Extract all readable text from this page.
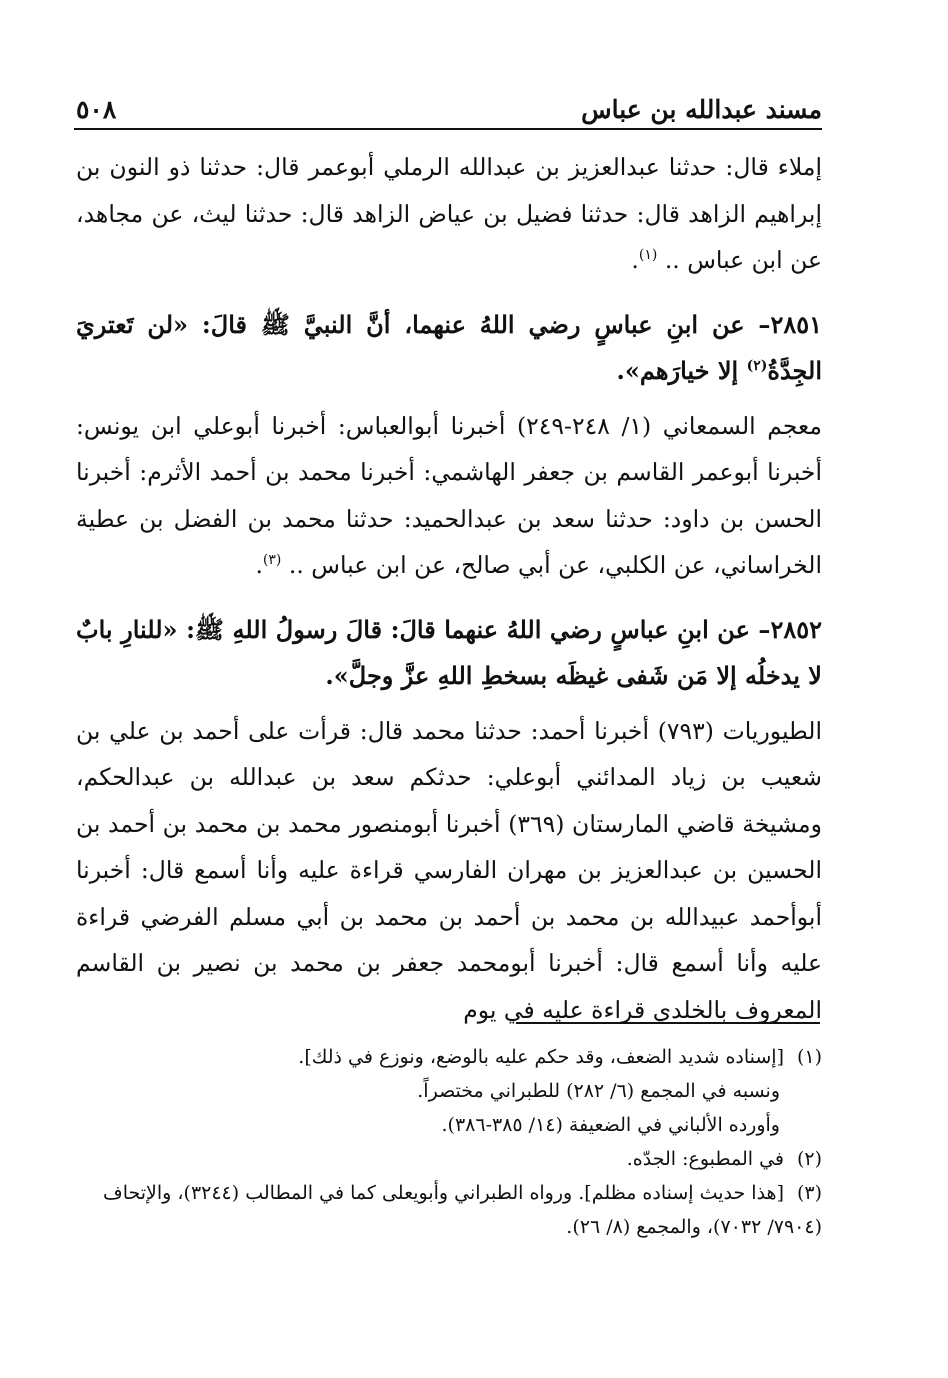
مسند عبدالله بن عباس
٥٠٨

إملاء قال: حدثنا عبدالعزيز بن عبدالله الرملي أبوعمر قال: حدثنا ذو النون بن إبراهيم الزاهد قال: حدثنا فضيل بن عياض الزاهد قال: حدثنا ليث، عن مجاهد، عن ابن عباس .. $^{(١)}$.

٢٨٥١– عن ابنِ عباسٍ رضي اللهُ عنهما، أنَّ النبيَّ ﷺ قالَ: «لن تَعتريَ الجِدَّةُ$^{(٢)}$ إلا خيارَهم».

معجم السمعاني (١/ ٢٤٨-٢٤٩) أخبرنا أبوالعباس: أخبرنا أبوعلي ابن يونس: أخبرنا أبوعمر القاسم بن جعفر الهاشمي: أخبرنا محمد بن أحمد الأثرم: أخبرنا الحسن بن داود: حدثنا سعد بن عبدالحميد: حدثنا محمد بن الفضل بن عطية الخراساني، عن الكلبي، عن أبي صالح، عن ابن عباس .. $^{(٣)}$.

٢٨٥٢– عن ابنِ عباسٍ رضي اللهُ عنهما قالَ: قالَ رسولُ اللهِ ﷺ: «للنارِ بابٌ لا يدخلُه إلا مَن شَفى غيظَه بسخطِ اللهِ عزَّ وجلَّ».

الطيوريات (٧٩٣) أخبرنا أحمد: حدثنا محمد قال: قرأت على أحمد بن علي بن شعيب بن زياد المدائني أبوعلي: حدثكم سعد بن عبدالله بن عبدالحكم، ومشيخة قاضي المارستان (٣٦٩) أخبرنا أبومنصور محمد بن محمد بن أحمد بن الحسين بن عبدالعزيز بن مهران الفارسي قراءة عليه وأنا أسمع قال: أخبرنا أبوأحمد عبيدالله بن محمد بن أحمد بن محمد بن أبي مسلم الفرضي قراءة عليه وأنا أسمع قال: أخبرنا أبومحمد جعفر بن محمد بن نصير بن القاسم المعروف بالخلدي قراءة عليه في يوم

(١)[إسناده شديد الضعف، وقد حكم عليه بالوضع، ونوزع في ذلك].

ونسبه في المجمع (٦/ ٢٨٢) للطبراني مختصراً.

وأورده الألباني في الضعيفة (١٤/ ٣٨٥-٣٨٦).

(٢)في المطبوع: الجدّه.

(٣)[هذا حديث إسناده مظلم]. ورواه الطبراني وأبويعلى كما في المطالب (٣٢٤٤)، والإتحاف (٧٩٠٤/ ٧٠٣٢)، والمجمع (٨/ ٢٦).
